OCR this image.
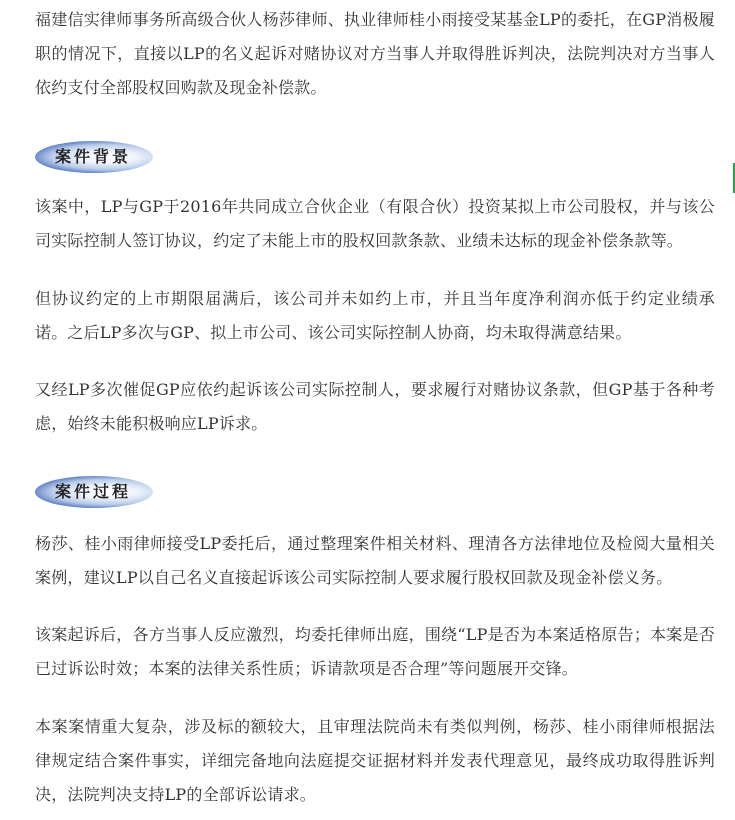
福建信实律师事务所高级合伙人杨莎律师、执业律师桂小雨接受某基金LP的委托，在GP消极履职的情况下，直接以LP的名义起诉对赌协议对方当事人并取得胜诉判决，法院判决对方当事人依约支付全部股权回购款及现金补偿款。

案件背景

该案中，LP与GP于2016年共同成立合伙企业（有限合伙）投资某拟上市公司股权，并与该公司实际控制人签订协议，约定了未能上市的股权回款条款、业绩未达标的现金补偿条款等。

但协议约定的上市期限届满后，该公司并未如约上市，并且当年度净利润亦低于约定业绩承诺。之后LP多次与GP、拟上市公司、该公司实际控制人协商，均未取得满意结果。

又经LP多次催促GP应依约起诉该公司实际控制人，要求履行对赌协议条款，但GP基于各种考虑，始终未能积极响应LP诉求。

案件过程

杨莎、桂小雨律师接受LP委托后，通过整理案件相关材料、理清各方法律地位及检阅大量相关案例，建议LP以自己名义直接起诉该公司实际控制人要求履行股权回款及现金补偿义务。

该案起诉后，各方当事人反应激烈，均委托律师出庭，围绕“LP是否为本案适格原告；本案是否已过诉讼时效；本案的法律关系性质；诉请款项是否合理”等问题展开交锋。

本案案情重大复杂，涉及标的额较大，且审理法院尚未有类似判例，杨莎、桂小雨律师根据法律规定结合案件事实，详细完备地向法庭提交证据材料并发表代理意见，最终成功取得胜诉判决，法院判决支持LP的全部诉讼请求。
